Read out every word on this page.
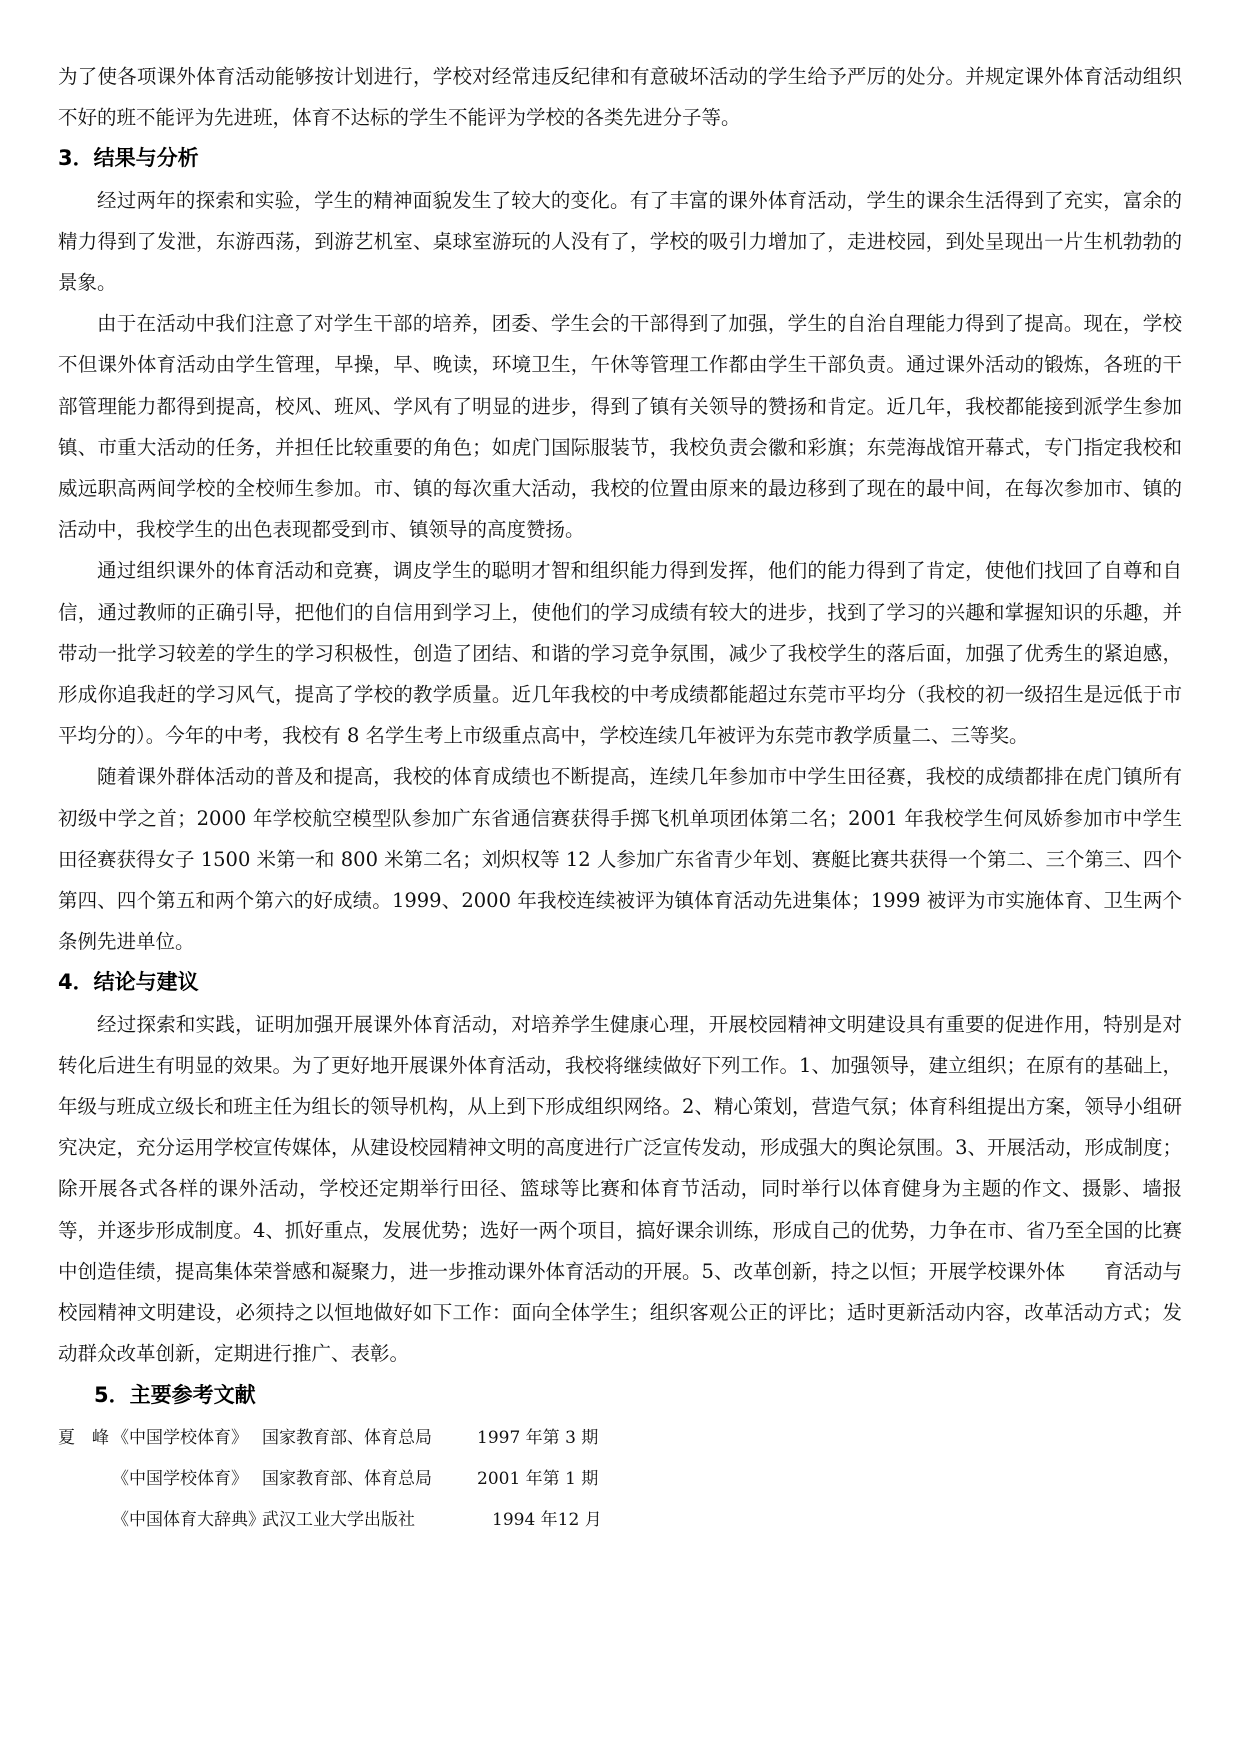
为了使各项课外体育活动能够按计划进行，学校对经常违反纪律和有意破坏活动的学生给予严厉的处分。并规定课外体育活动组织不好的班不能评为先进班，体育不达标的学生不能评为学校的各类先进分子等。

3．结果与分析

经过两年的探索和实验，学生的精神面貌发生了较大的变化。有了丰富的课外体育活动，学生的课余生活得到了充实，富余的精力得到了发泄，东游西荡，到游艺机室、桌球室游玩的人没有了，学校的吸引力增加了，走进校园，到处呈现出一片生机勃勃的景象。

由于在活动中我们注意了对学生干部的培养，团委、学生会的干部得到了加强，学生的自治自理能力得到了提高。现在，学校不但课外体育活动由学生管理，早操，早、晚读，环境卫生，午休等管理工作都由学生干部负责。通过课外活动的锻炼，各班的干部管理能力都得到提高，校风、班风、学风有了明显的进步，得到了镇有关领导的赞扬和肯定。近几年，我校都能接到派学生参加镇、市重大活动的任务，并担任比较重要的角色；如虎门国际服装节，我校负责会徽和彩旗；东莞海战馆开幕式，专门指定我校和威远职高两间学校的全校师生参加。市、镇的每次重大活动，我校的位置由原来的最边移到了现在的最中间，在每次参加市、镇的活动中，我校学生的出色表现都受到市、镇领导的高度赞扬。

通过组织课外的体育活动和竞赛，调皮学生的聪明才智和组织能力得到发挥，他们的能力得到了肯定，使他们找回了自尊和自信，通过教师的正确引导，把他们的自信用到学习上，使他们的学习成绩有较大的进步，找到了学习的兴趣和掌握知识的乐趣，并带动一批学习较差的学生的学习积极性，创造了团结、和谐的学习竞争氛围，减少了我校学生的落后面，加强了优秀生的紧迫感，形成你追我赶的学习风气，提高了学校的教学质量。近几年我校的中考成绩都能超过东莞市平均分（我校的初一级招生是远低于市平均分的）。今年的中考，我校有 8 名学生考上市级重点高中，学校连续几年被评为东莞市教学质量二、三等奖。

随着课外群体活动的普及和提高，我校的体育成绩也不断提高，连续几年参加市中学生田径赛，我校的成绩都排在虎门镇所有初级中学之首；2000 年学校航空模型队参加广东省通信赛获得手掷飞机单项团体第二名；2001 年我校学生何凤娇参加市中学生田径赛获得女子 1500 米第一和 800 米第二名；刘炽权等 12 人参加广东省青少年划、赛艇比赛共获得一个第二、三个第三、四个第四、四个第五和两个第六的好成绩。1999、2000 年我校连续被评为镇体育活动先进集体；1999 被评为市实施体育、卫生两个条例先进单位。

4．结论与建议

经过探索和实践，证明加强开展课外体育活动，对培养学生健康心理，开展校园精神文明建设具有重要的促进作用，特别是对转化后进生有明显的效果。为了更好地开展课外体育活动，我校将继续做好下列工作。1、加强领导，建立组织；在原有的基础上，年级与班成立级长和班主任为组长的领导机构，从上到下形成组织网络。2、精心策划，营造气氛；体育科组提出方案，领导小组研究决定，充分运用学校宣传媒体，从建设校园精神文明的高度进行广泛宣传发动，形成强大的舆论氛围。3、开展活动，形成制度；除开展各式各样的课外活动，学校还定期举行田径、篮球等比赛和体育节活动，同时举行以体育健身为主题的作文、摄影、墙报等，并逐步形成制度。4、抓好重点，发展优势；选好一两个项目，搞好课余训练，形成自己的优势，力争在市、省乃至全国的比赛中创造佳绩，提高集体荣誉感和凝聚力，进一步推动课外体育活动的开展。5、改革创新，持之以恒；开展学校课外体　　育活动与校园精神文明建设，必须持之以恒地做好如下工作：面向全体学生；组织客观公正的评比；适时更新活动内容，改革活动方式；发动群众改革创新，定期进行推广、表彰。

5．主要参考文献
夏　峰 《中国学校体育》 国家教育部、体育总局	1997 年第 3 期
《中国学校体育》 国家教育部、体育总局	2001 年第 1 期
《中国体育大辞典》武汉工业大学出版社	1994 年12 月
